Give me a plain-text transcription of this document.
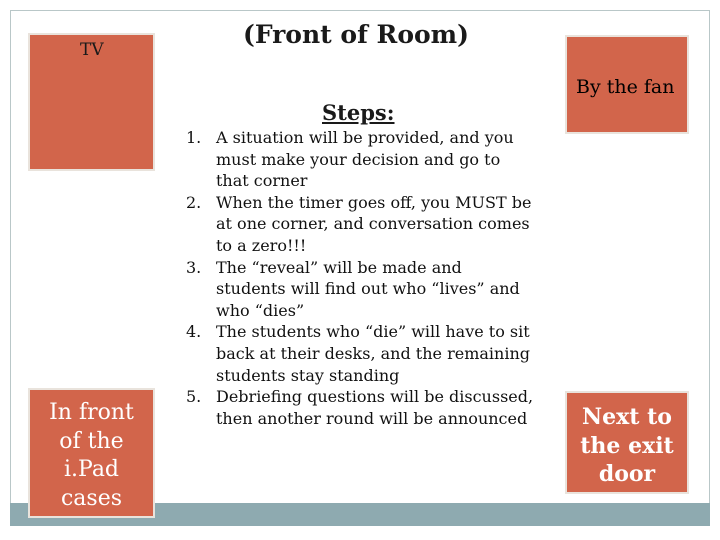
TV
By the fan
In front
of the
i.Pad
cases
Next to
the exit
door
(Front of Room)
Steps:
1. A situation will be provided, and you must make your decision and go to that corner
2. When the timer goes off, you MUST be at one corner, and conversation comes to a zero!!!
3. The “reveal” will be made and students will find out who “lives” and who “dies”
4. The students who “die” will have to sit back at their desks, and the remaining students stay standing
5. Debriefing questions will be discussed, then another round will be announced
